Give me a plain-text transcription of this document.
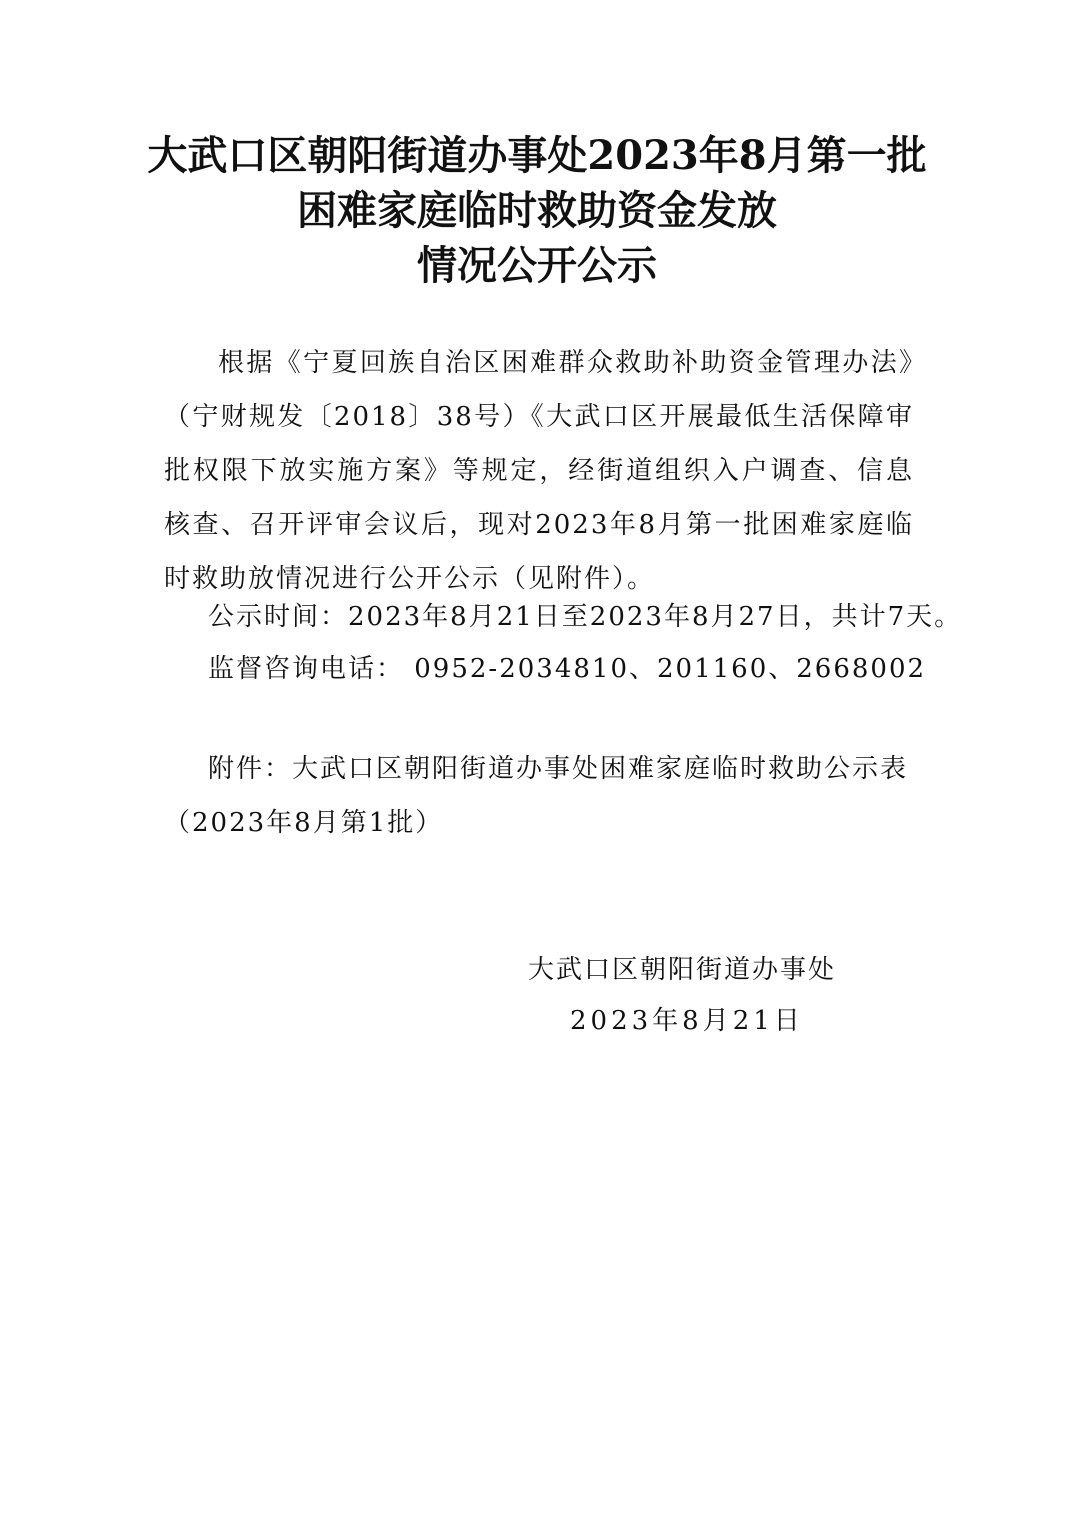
大武口区朝阳街道办事处2023年8月第一批
困难家庭临时救助资金发放
情况公开公示
根据《宁夏回族自治区困难群众救助补助资金管理办法》（宁财规发〔2018〕38号）《大武口区开展最低生活保障审批权限下放实施方案》等规定，经街道组织入户调查、信息核查、召开评审会议后，现对2023年8月第一批困难家庭临时救助放情况进行公开公示（见附件）。
公示时间：2023年8月21日至2023年8月27日，共计7天。
监督咨询电话： 0952-2034810、201160、2668002
附件：大武口区朝阳街道办事处困难家庭临时救助公示表（2023年8月第1批）
大武口区朝阳街道办事处
2023年8月21日
